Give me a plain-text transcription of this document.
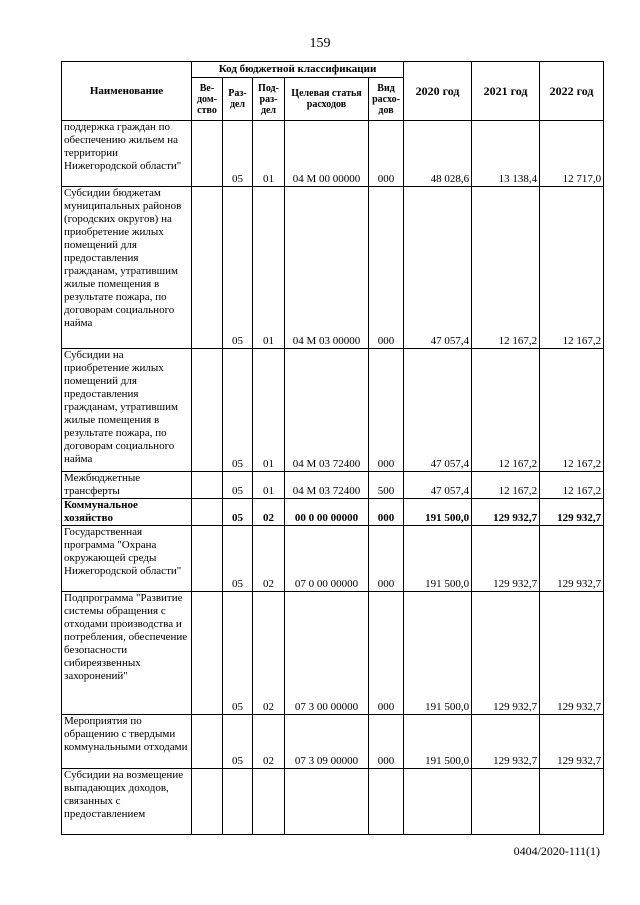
159
Наименование	Код бюджетной классификации					2020 год	2021 год	2022 год
	Ве-дом-ство	Раз-дел	Под-раз-дел	Целевая статья расходов	Вид расхо-дов			
поддержка граждан по обеспечению жильем на территории Нижегородской области"		05	01	04 М 00 00000	000	48 028,6	13 138,4	12 717,0
Субсидии бюджетам муниципальных районов (городских округов) на приобретение жилых помещений для предоставления гражданам, утратившим жилые помещения в результате пожара, по договорам социального найма		05	01	04 М 03 00000	000	47 057,4	12 167,2	12 167,2
Субсидии на приобретение жилых помещений для предоставления гражданам, утратившим жилые помещения в результате пожара, по договорам социального найма		05	01	04 М 03 72400	000	47 057,4	12 167,2	12 167,2
Межбюджетные трансферты		05	01	04 М 03 72400	500	47 057,4	12 167,2	12 167,2
Коммунальное хозяйство		05	02	00 0 00 00000	000	191 500,0	129 932,7	129 932,7
Государственная программа "Охрана окружающей среды Нижегородской области"		05	02	07 0 00 00000	000	191 500,0	129 932,7	129 932,7
Подпрограмма "Развитие системы обращения с отходами производства и потребления, обеспечение безопасности сибиреязвенных захоронений"		05	02	07 3 00 00000	000	191 500,0	129 932,7	129 932,7
Мероприятия по обращению с твердыми коммунальными отходами		05	02	07 3 09 00000	000	191 500,0	129 932,7	129 932,7
Субсидии на возмещение выпадающих доходов, связанных с предоставлением								
0404/2020-111(1)
